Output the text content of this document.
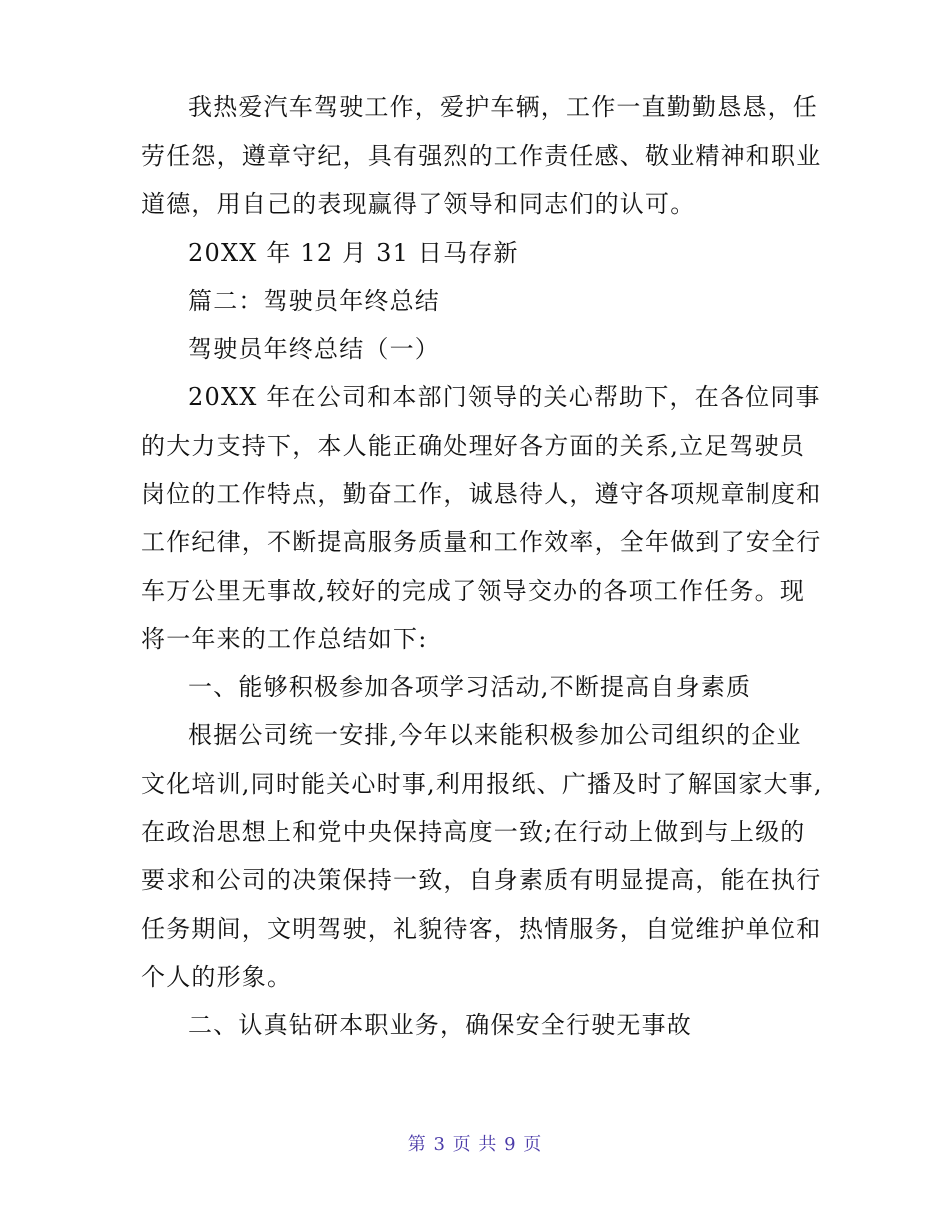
我热爱汽车驾驶工作，爱护车辆，工作一直勤勤恳恳，任
劳任怨，遵章守纪，具有强烈的工作责任感、敬业精神和职业
道德，用自己的表现赢得了领导和同志们的认可。
20XX 年 12 月 31 日马存新
篇二：驾驶员年终总结
驾驶员年终总结（一）
20XX 年在公司和本部门领导的关心帮助下，在各位同事
的大力支持下，本人能正确处理好各方面的关系,立足驾驶员
岗位的工作特点，勤奋工作，诚恳待人，遵守各项规章制度和
工作纪律，不断提高服务质量和工作效率，全年做到了安全行
车万公里无事故,较好的完成了领导交办的各项工作任务。现
将一年来的工作总结如下:
一、能够积极参加各项学习活动,不断提高自身素质
根据公司统一安排,今年以来能积极参加公司组织的企业
文化培训,同时能关心时事,利用报纸、广播及时了解国家大事,
在政治思想上和党中央保持高度一致;在行动上做到与上级的
要求和公司的决策保持一致，自身素质有明显提高，能在执行
任务期间，文明驾驶，礼貌待客，热情服务，自觉维护单位和
个人的形象。
二、认真钻研本职业务，确保安全行驶无事故
第 3 页 共 9 页
